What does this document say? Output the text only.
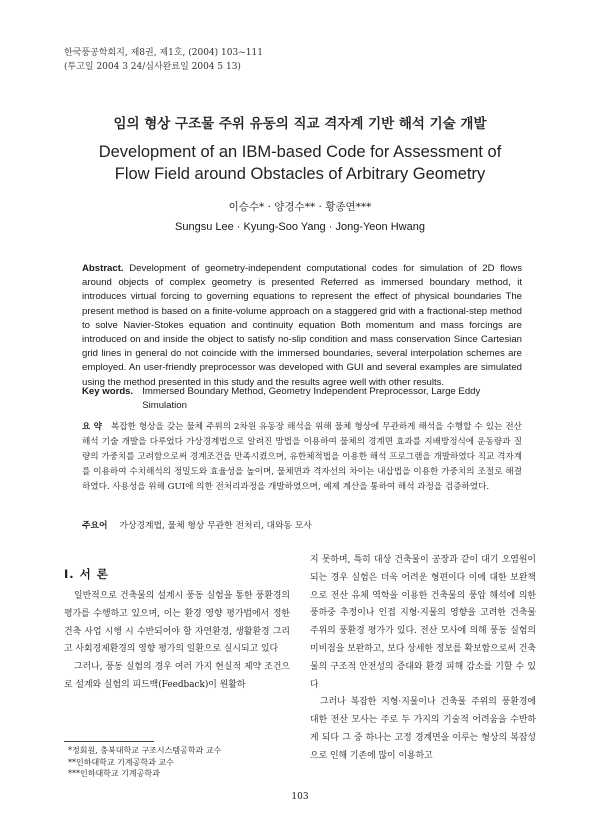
한국풍공학회지, 제8권, 제1호, (2004) 103~111
(투고일 2004 3 24/심사완료일 2004 5 13)
임의 형상 구조물 주위 유동의 직교 격자계 기반 해석 기술 개발
Development of an IBM-based Code for Assessment of
Flow Field around Obstacles of Arbitrary Geometry
이승수* · 양경수** · 황종연***
Sungsu Lee · Kyung-Soo Yang · Jong-Yeon Hwang
Abstract. Development of geometry-independent computational codes for simulation of 2D flows around objects of complex geometry is presented Referred as immersed boundary method, it introduces virtual forcing to governing equations to represent the effect of physical boundaries The present method is based on a finite-volume approach on a staggered grid with a fractional-step method to solve Navier-Stokes equation and continuity equation Both momentum and mass forcings are introduced on and inside the object to satisfy no-slip condition and mass conservation Since Cartesian grid lines in general do not coincide with the immersed boundaries, several interpolation schemes are employed. An user-friendly preprocessor was developed with GUI and several examples are simulated using the method presented in this study and the results agree well with other results.
Key words. Immersed Boundary Method, Geometry Independent Preprocessor, Large Eddy Simulation
요 약 복잡한 형상을 갖는 물체 주위의 2차원 유동장 해석을 위해 물체 형상에 무관하게 해석을 수행할 수 있는 전산 해석 기술 개발을 다루었다 가상경계법으로 알려진 방법을 이용하여 물체의 경계면 효과를 지배방정식에 운동량과 질량의 가중치를 고려함으로써 경계조건을 만족시켰으며, 유한체적법을 이용한 해석 프로그램을 개발하였다 직교 격자계를 이용하여 수치해석의 정밀도와 효율성을 높이며, 물체면과 격자선의 차이는 내삽법을 이용한 가중치의 조절로 해결하였다. 사용성을 위해 GUI에 의한 전처리과정을 개발하였으며, 예제 계산을 통하여 해석 과정을 검증하였다.
주요어 가상경계법, 물체 형상 무관한 전처리, 대와동 모사
I. 서 론

일반적으로 건축물의 설계시 풍동 실험을 통한 풍환경의 평가를 수행하고 있으며, 이는 환경 영향 평가법에서 정한 건축 사업 시행 시 수반되어야 할 자연환경, 생활환경 그리고 사회경제환경의 영향 평가의 일환으로 실시되고 있다

그러나, 풍동 실험의 경우 여러 가지 현실적 제약 조건으로 설계와 실험의 피드백(Feedback)이 원활하

지 못하며, 특히 대상 건축물이 공장과 같이 대기 오염원이 되는 경우 실험은 더욱 어려운 형편이다 이에 대한 보완책으로 전산 유체 역학을 이용한 건축물의 풍압 해석에 의한 풍하중 추정이나 인접 지형·지물의 영향을 고려한 건축물 주위의 풍환경 평가가 있다. 전산 모사에 의해 풍동 실험의 미비점을 보완하고, 보다 상세한 정보를 확보함으로써 건축물의 구조적 안전성의 증대와 환경 피해 감소를 기할 수 있다

그러나 복잡한 지형·지물이나 건축물 주위의 풍환경에 대한 전산 모사는 주로 두 가지의 기술적 어려움을 수반하게 되다 그 중 하나는 고정 경계면을 이루는 형상의 복잡성으로 인해 기존에 많이 이용하고

*정회원, 충북대학교 구조시스템공학과 교수
**인하대학교 기계공학과 교수
***인하대학교 기계공학과
103
